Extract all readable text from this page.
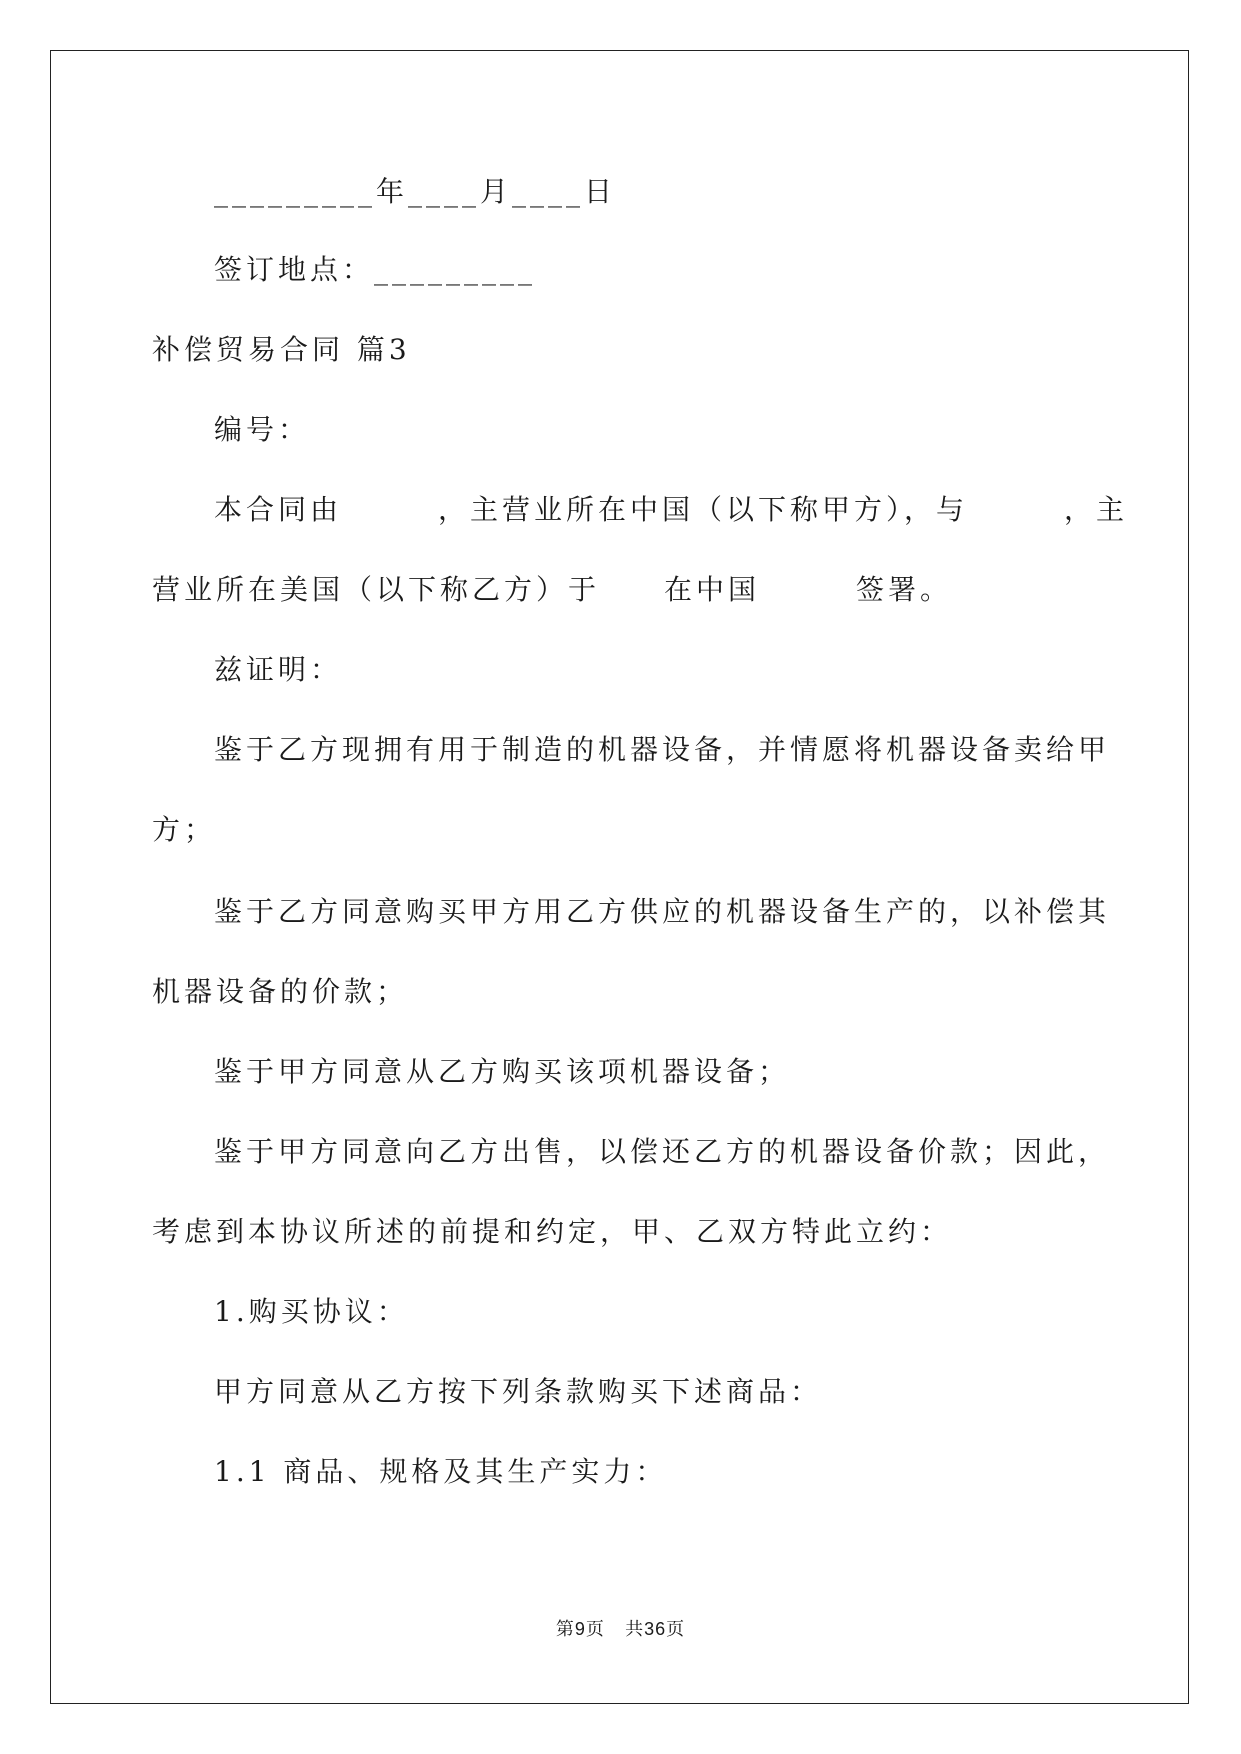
_________年____月____日
签订地点：_________
补偿贸易合同 篇3
编号：
本合同由　　　，主营业所在中国（以下称甲方），与　　　，主
营业所在美国（以下称乙方）于　　在中国　　　签署。
兹证明：
鉴于乙方现拥有用于制造的机器设备，并情愿将机器设备卖给甲
方；
鉴于乙方同意购买甲方用乙方供应的机器设备生产的，以补偿其
机器设备的价款；
鉴于甲方同意从乙方购买该项机器设备；
鉴于甲方同意向乙方出售，以偿还乙方的机器设备价款；因此，
考虑到本协议所述的前提和约定，甲、乙双方特此立约：
1.购买协议：
甲方同意从乙方按下列条款购买下述商品：
1.1 商品、规格及其生产实力：
第9页 共36页
